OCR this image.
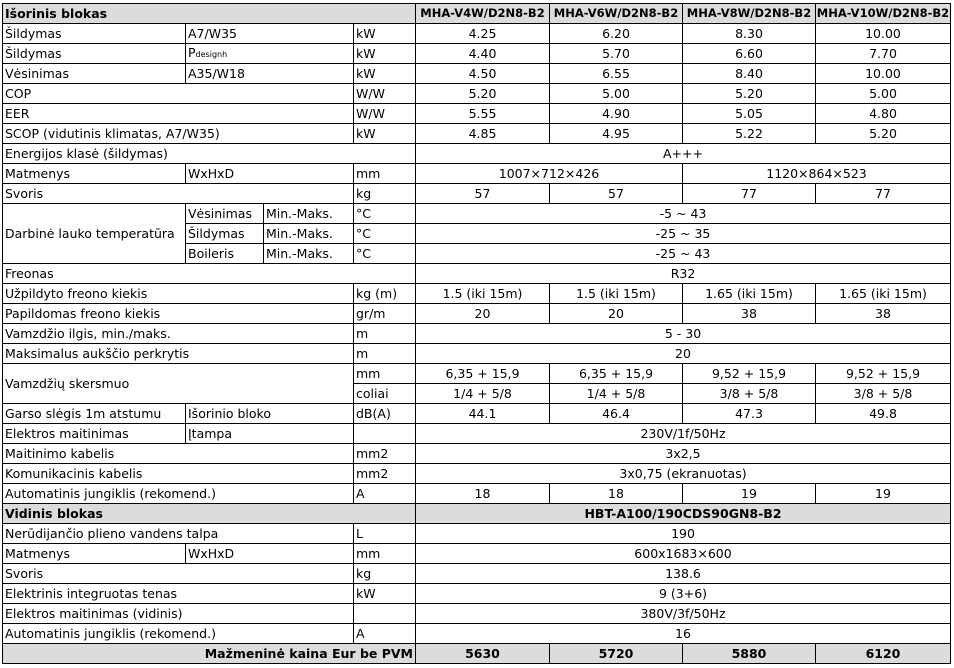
Išorinis blokas				MHA-V4W/D2N8-B2	MHA-V6W/D2N8-B2	MHA-V8W/D2N8-B2	MHA-V10W/D2N8-B2
Šildymas	A7/W35		kW	4.25	6.20	8.30	10.00
Šildymas	Pdesignh		kW	4.40	5.70	6.60	7.70
Vėsinimas	A35/W18		kW	4.50	6.55	8.40	10.00
COP			W/W	5.20	5.00	5.20	5.00
EER			W/W	5.55	4.90	5.05	4.80
SCOP (vidutinis klimatas, A7/W35)			kW	4.85	4.95	5.22	5.20
Energijos klasė (šildymas)				A+++			
Matmenys	WxHxD		mm	1007×712×426		1120×864×523	
Svoris			kg	57	57	77	77
Darbinė lauko temperatūra	Vėsinimas	Min.-Maks.	°C	-5 ~ 43			
	Šildymas	Min.-Maks.	°C	-25 ~ 35			
	Boileris	Min.-Maks.	°C	-25 ~ 43			
Freonas				R32			
Užpildyto freono kiekis			kg (m)	1.5 (iki 15m)	1.5 (iki 15m)	1.65 (iki 15m)	1.65 (iki 15m)
Papildomas freono kiekis			gr/m	20	20	38	38
Vamzdžio ilgis, min./maks.			m	5 - 30			
Maksimalus aukščio perkrytis			m	20			
Vamzdžių skersmuo			mm	6,35 + 15,9	6,35 + 15,9	9,52 + 15,9	9,52 + 15,9
			coliai	1/4 + 5/8	1/4 + 5/8	3/8 + 5/8	3/8 + 5/8
Garso slėgis 1m atstumu	Išorinio bloko		dB(A)	44.1	46.4	47.3	49.8
Elektros maitinimas	Įtampa			230V/1f/50Hz			
Maitinimo kabelis			mm2	3x2,5			
Komunikacinis kabelis			mm2	3x0,75 (ekranuotas)			
Automatinis jungiklis (rekomend.)			A	18	18	19	19
Vidinis blokas				HBT-A100/190CDS90GN8-B2			
Nerūdijančio plieno vandens talpa			L	190			
Matmenys	WxHxD		mm	600x1683×600			
Svoris			kg	138.6			
Elektrinis integruotas tenas			kW	9 (3+6)			
Elektros maitinimas (vidinis)				380V/3f/50Hz			
Automatinis jungiklis (rekomend.)			A	16			
Mažmeninė kaina Eur be PVM				5630	5720	5880	6120
